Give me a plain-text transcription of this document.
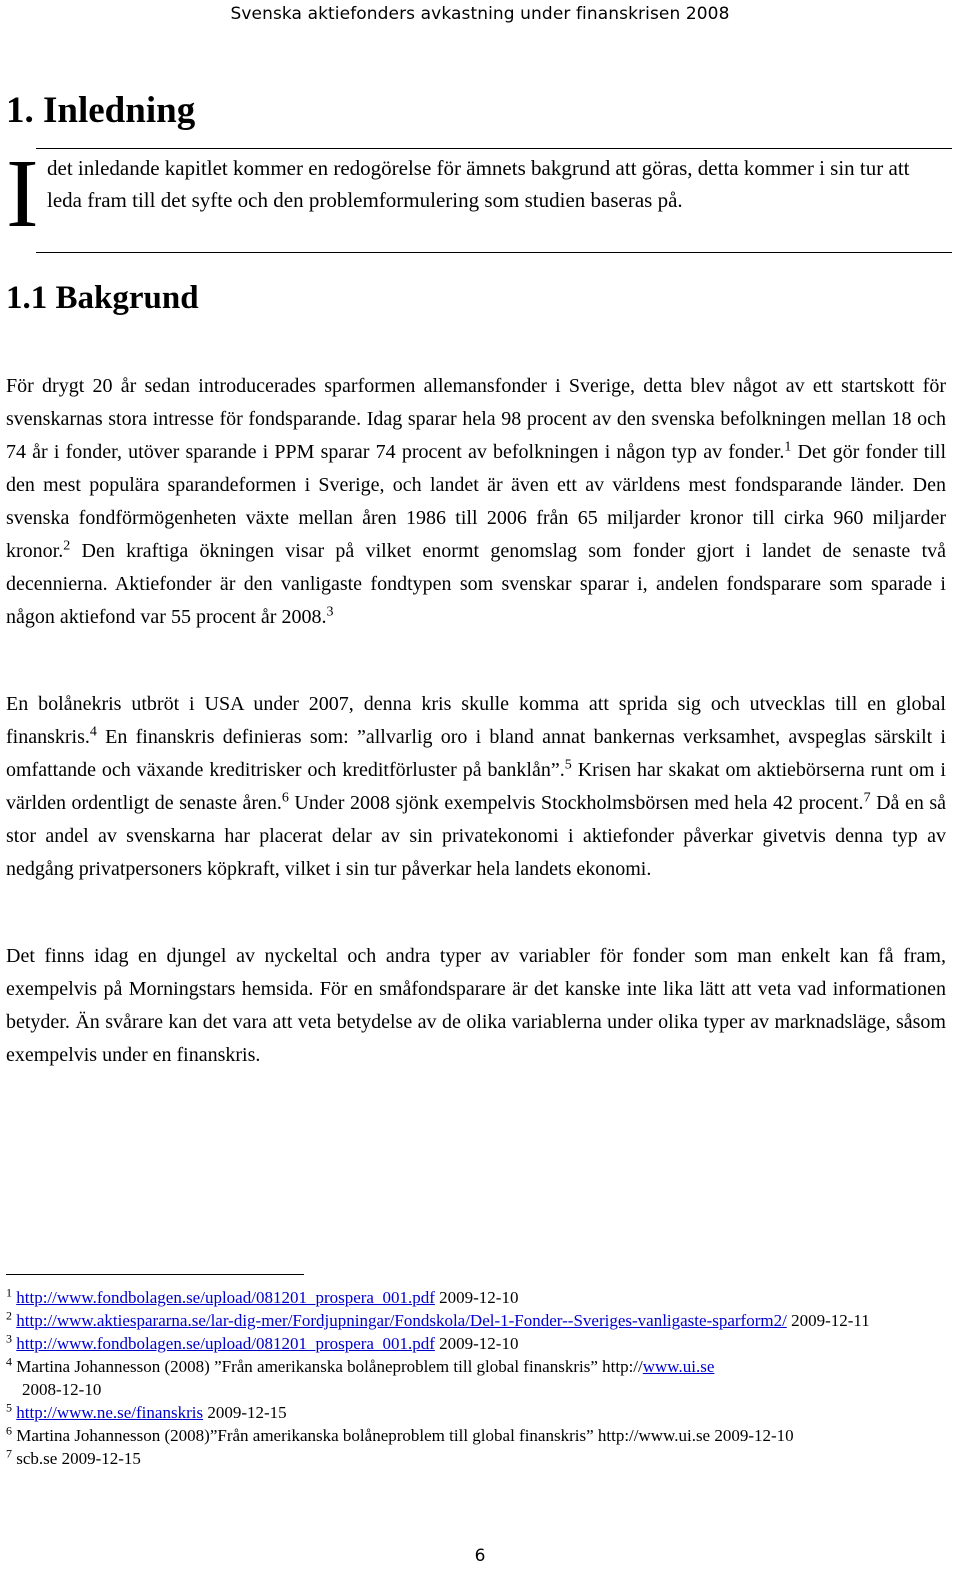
Svenska aktiefonders avkastning under finanskrisen 2008
1. Inledning
I det inledande kapitlet kommer en redogörelse för ämnets bakgrund att göras, detta kommer i sin tur att leda fram till det syfte och den problemformulering som studien baseras på.
1.1 Bakgrund

För drygt 20 år sedan introducerades sparformen allemansfonder i Sverige, detta blev något av ett startskott för svenskarnas stora intresse för fondsparande. Idag sparar hela 98 procent av den svenska befolkningen mellan 18 och 74 år i fonder, utöver sparande i PPM sparar 74 procent av befolkningen i någon typ av fonder.$^1$ Det gör fonder till den mest populära sparandeformen i Sverige, och landet är även ett av världens mest fondsparande länder. Den svenska fondförmögenheten växte mellan åren 1986 till 2006 från 65 miljarder kronor till cirka 960 miljarder kronor.$^2$ Den kraftiga ökningen visar på vilket enormt genomslag som fonder gjort i landet de senaste två decennierna. Aktiefonder är den vanligaste fondtypen som svenskar sparar i, andelen fondsparare som sparade i någon aktiefond var 55 procent år 2008.$^3$

En bolånekris utbröt i USA under 2007, denna kris skulle komma att sprida sig och utvecklas till en global finanskris.$^4$ En finanskris definieras som: ”allvarlig oro i bland annat bankernas verksamhet, avspeglas särskilt i omfattande och växande kreditrisker och kreditförluster på banklån”.$^5$ Krisen har skakat om aktiebörserna runt om i världen ordentligt de senaste åren.$^6$ Under 2008 sjönk exempelvis Stockholmsbörsen med hela 42 procent.$^7$ Då en så stor andel av svenskarna har placerat delar av sin privatekonomi i aktiefonder påverkar givetvis denna typ av nedgång privatpersoners köpkraft, vilket i sin tur påverkar hela landets ekonomi.

Det finns idag en djungel av nyckeltal och andra typer av variabler för fonder som man enkelt kan få fram, exempelvis på Morningstars hemsida. För en småfondsparare är det kanske inte lika lätt att veta vad informationen betyder. Än svårare kan det vara att veta betydelse av de olika variablerna under olika typer av marknadsläge, såsom exempelvis under en finanskris.

$^1$ http://www.fondbolagen.se/upload/081201_prospera_001.pdf 2009-12-10

$^2$ http://www.aktiespararna.se/lar-dig-mer/Fordjupningar/Fondskola/Del-1-Fonder--Sveriges-vanligaste-sparform2/ 2009-12-11

$^3$ http://www.fondbolagen.se/upload/081201_prospera_001.pdf 2009-12-10

$^4$ Martina Johannesson (2008) ”Från amerikanska bolåneproblem till global finanskris” http://www.ui.se
2008-12-10

$^5$ http://www.ne.se/finanskris 2009-12-15

$^6$ Martina Johannesson (2008)”Från amerikanska bolåneproblem till global finanskris” http://www.ui.se 2009-12-10

$^7$ scb.se 2009-12-15

6
